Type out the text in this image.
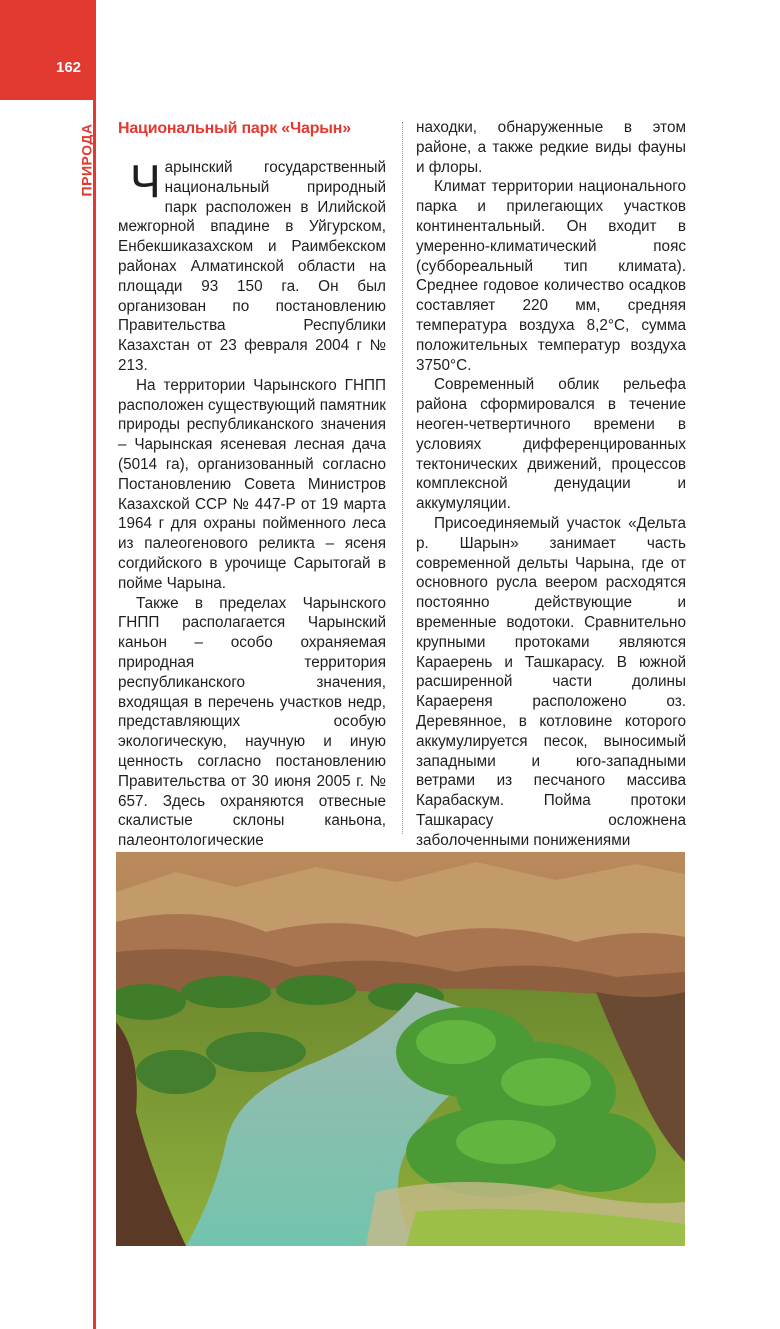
162
ПРИРОДА Национальный парк «Чарын»

Чарынский государственный национальный природный парк расположен в Илийской межгорной впадине в Уйгурском, Енбекшиказахском и Раимбекском районах Алматинской области на площади 93 150 га. Он был организован по постановлению Правительства Республики Казахстан от 23 февраля 2004 г № 213.

На территории Чарынского ГНПП расположен существующий памятник природы республиканского значения – Чарынская ясеневая лесная дача (5014 га), организованный согласно Постановлению Совета Министров Казахской ССР № 447-Р от 19 марта 1964 г для охраны пойменного леса из палеогенового реликта – ясеня согдийского в урочище Сарытогай в пойме Чарына.

Также в пределах Чарынского ГНПП располагается Чарынский каньон – особо охраняемая природная территория республиканского значения, входящая в перечень участков недр, представляющих особую экологическую, научную и иную ценность согласно постановлению Правительства от 30 июня 2005 г. № 657. Здесь охраняются отвесные скалистые склоны каньона, палеонтологические

находки, обнаруженные в этом районе, а также редкие виды фауны и флоры.

Климат территории национального парка и прилегающих участков континентальный. Он входит в умеренно-климатический пояс (суббореальный тип климата). Среднее годовое количество осадков составляет 220 мм, средняя температура воздуха 8,2°С, сумма положительных температур воздуха 3750°С.

Современный облик рельефа района сформировался в течение неоген-четвертичного времени в условиях дифференцированных тектонических движений, процессов комплексной денудации и аккумуляции.

Присоединяемый участок «Дельта р. Шарын» занимает часть современной дельты Чарына, где от основного русла веером расходятся постоянно действующие и временные водотоки. Сравнительно крупными протоками являются Караерень и Ташкарасу. В южной расширенной части долины Караереня расположено оз. Деревянное, в котловине которого аккумулируется песок, выносимый западными и юго-западными ветрами из песчаного массива Карабаскум. Пойма протоки Ташкарасу осложнена заболоченными понижениями
